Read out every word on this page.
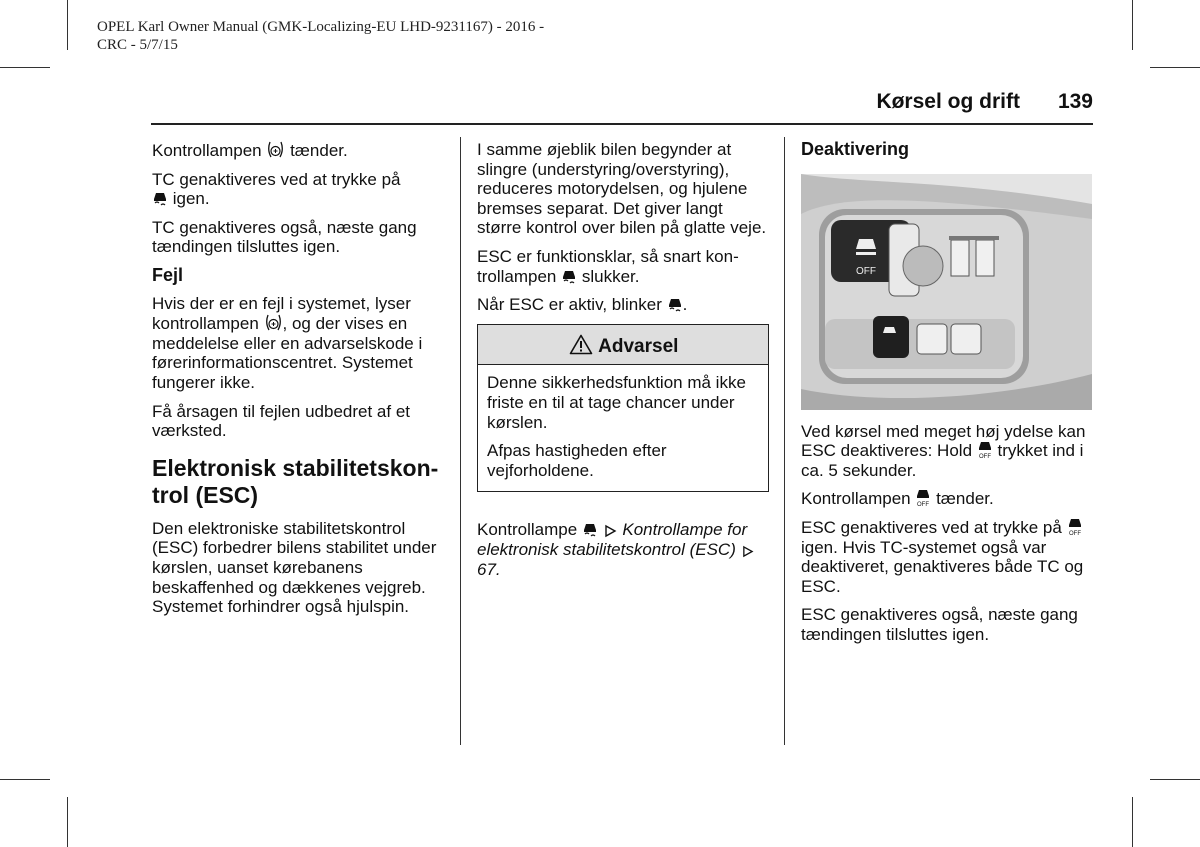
OPEL Karl Owner Manual (GMK-Localizing-EU LHD-9231167) - 2016 -
CRC - 5/7/15
Kørsel og drift 139

Kontrollampen  tænder.

TC genaktiveres ved at trykke på
igen.

TC genaktiveres også, næste gang tændingen tilsluttes igen.

Fejl

Hvis der er en fejl i systemet, lyser
kontrollampen , og der vises en meddelelse eller en advarselskode i førerinformationscentret. Systemet fungerer ikke.

Få årsagen til fejlen udbedret af et værksted.

Elektronisk stabilitetskon-
trol (ESC)

Den elektroniske stabilitetskontrol (ESC) forbedrer bilens stabilitet under kørslen, uanset kørebanens beskaffenhed og dækkenes vejgreb. Systemet forhindrer også hjulspin.

I samme øjeblik bilen begynder at slingre (understyring/overstyring), reduceres motorydelsen, og hjulene bremses separat. Det giver langt større kontrol over bilen på glatte veje.

ESC er funktionsklar, så snart kon-
trollampen  slukker.

Når ESC er aktiv, blinker .

Advarsel

Denne sikkerhedsfunktion må ikke friste en til at tage chancer under kørslen.

Afpas hastigheden efter vejforholdene.

Kontrollampe	Kontrollampe for elektronisk stabilitetskontrol (ESC) 67.

Deaktivering
OFF

Ved kørsel med meget høj ydelse kan ESC deaktiveres: Hold OFF trykket ind i ca. 5 sekunder.

Kontrollampen OFF tænder.

ESC genaktiveres ved at trykke på OFF
igen. Hvis TC-systemet også var deaktiveret, genaktiveres både TC og ESC.

ESC genaktiveres også, næste gang tændingen tilsluttes igen.
